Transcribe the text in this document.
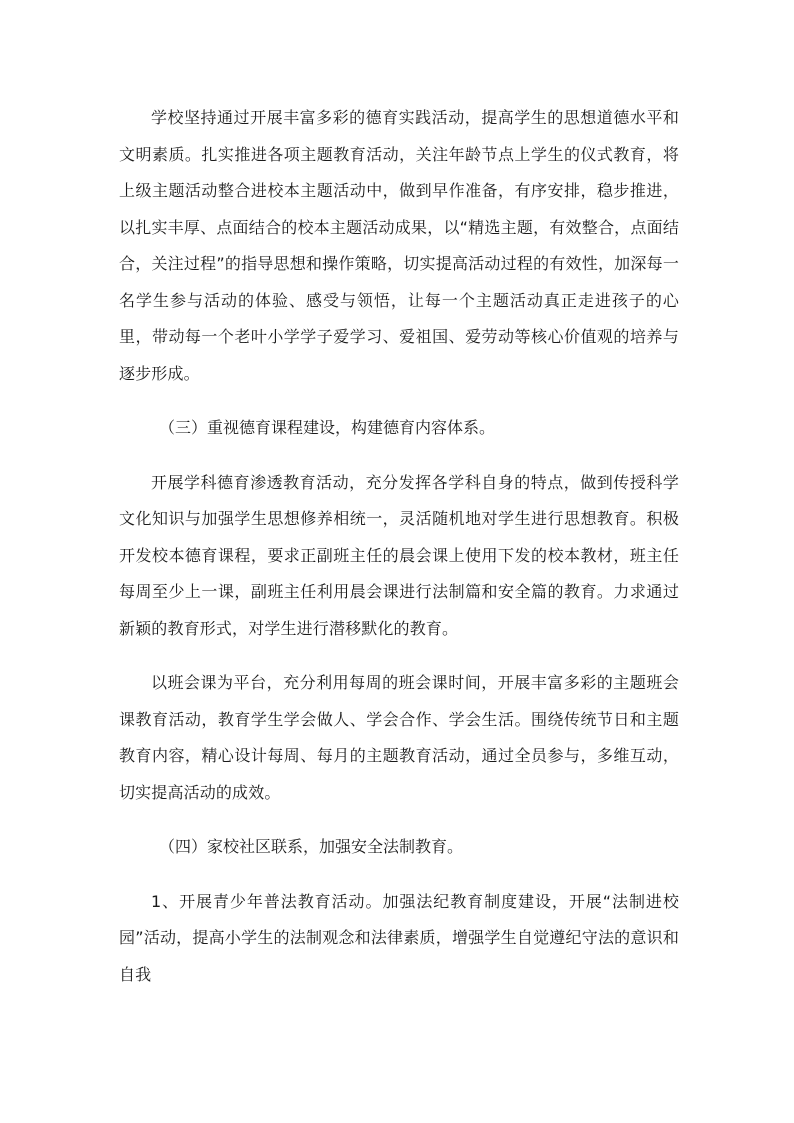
学校坚持通过开展丰富多彩的德育实践活动，提高学生的思想道德水平和文明素质。扎实推进各项主题教育活动，关注年龄节点上学生的仪式教育，将上级主题活动整合进校本主题活动中，做到早作准备，有序安排，稳步推进，以扎实丰厚、点面结合的校本主题活动成果，以“精选主题，有效整合，点面结合，关注过程”的指导思想和操作策略，切实提高活动过程的有效性，加深每一名学生参与活动的体验、感受与领悟，让每一个主题活动真正走进孩子的心里，带动每一个老叶小学学子爱学习、爱祖国、爱劳动等核心价值观的培养与逐步形成。

（三）重视德育课程建设，构建德育内容体系。

开展学科德育渗透教育活动，充分发挥各学科自身的特点，做到传授科学文化知识与加强学生思想修养相统一，灵活随机地对学生进行思想教育。积极开发校本德育课程，要求正副班主任的晨会课上使用下发的校本教材，班主任每周至少上一课，副班主任利用晨会课进行法制篇和安全篇的教育。力求通过新颖的教育形式，对学生进行潜移默化的教育。

以班会课为平台，充分利用每周的班会课时间，开展丰富多彩的主题班会课教育活动，教育学生学会做人、学会合作、学会生活。围绕传统节日和主题教育内容，精心设计每周、每月的主题教育活动，通过全员参与，多维互动，切实提高活动的成效。

（四）家校社区联系，加强安全法制教育。

1、开展青少年普法教育活动。加强法纪教育制度建设，开展“法制进校园”活动，提高小学生的法制观念和法律素质，增强学生自觉遵纪守法的意识和自我
